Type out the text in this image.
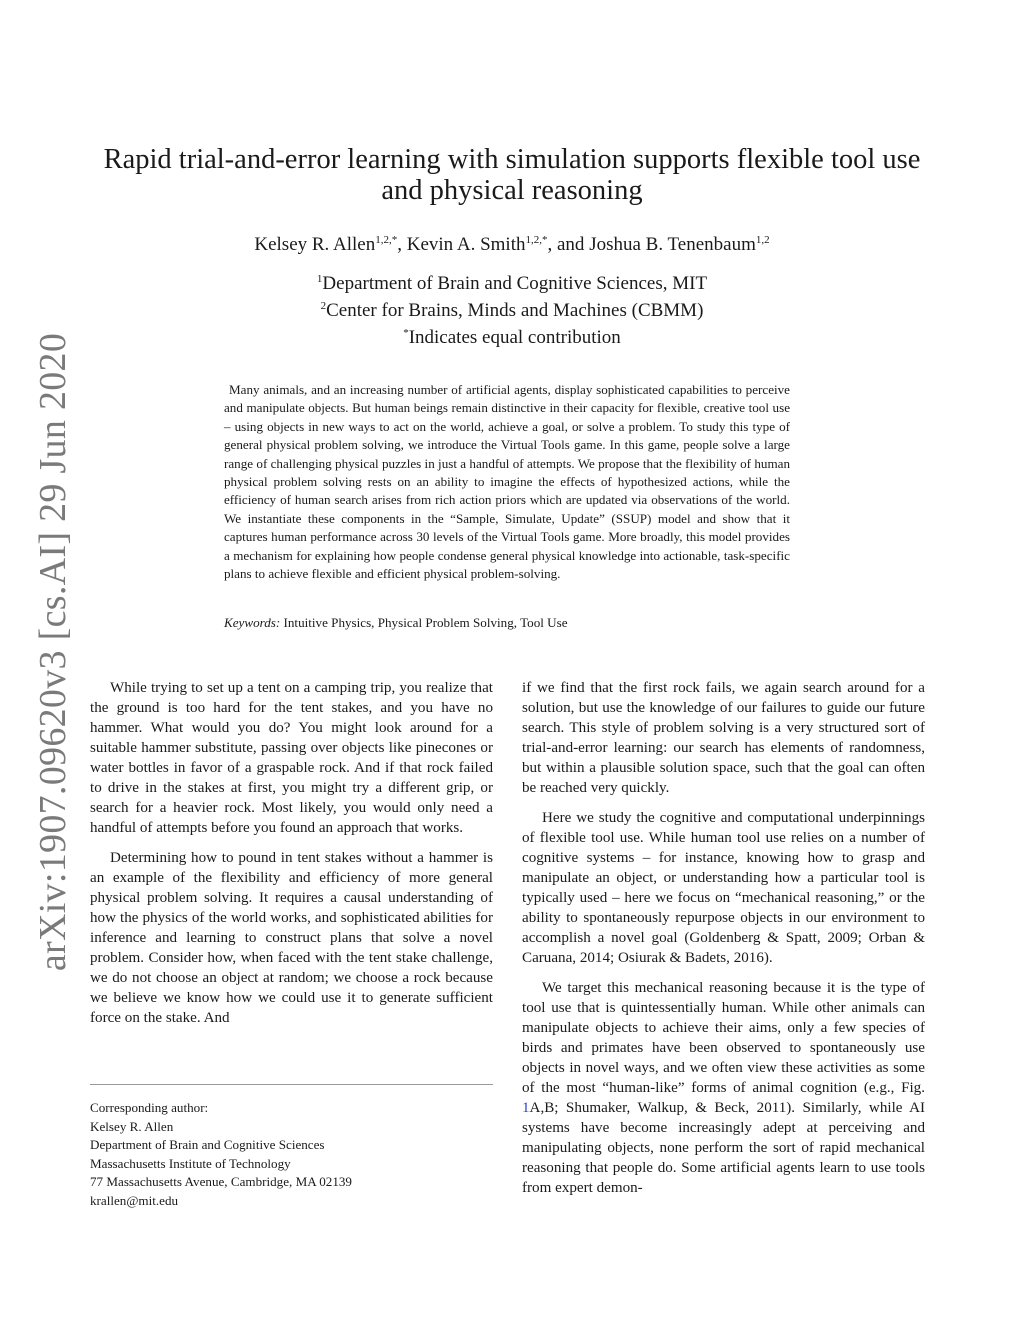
arXiv:1907.09620v3 [cs.AI] 29 Jun 2020
Rapid trial-and-error learning with simulation supports flexible tool use
and physical reasoning
Kelsey R. Allen$^{1,2,*}$, Kevin A. Smith$^{1,2,*}$, and Joshua B. Tenenbaum$^{1,2}$
$^1$Department of Brain and Cognitive Sciences, MIT
$^2$Center for Brains, Minds and Machines (CBMM)
*Indicates equal contribution

Many animals, and an increasing number of artificial agents, display sophisticated capabilities to perceive and manipulate objects. But human beings remain distinctive in their capacity for flexible, creative tool use – using objects in new ways to act on the world, achieve a goal, or solve a problem. To study this type of general physical problem solving, we introduce the Virtual Tools game. In this game, people solve a large range of challenging physical puzzles in just a handful of attempts. We propose that the flexibility of human physical problem solving rests on an ability to imagine the effects of hypothesized actions, while the efficiency of human search arises from rich action priors which are updated via observations of the world. We instantiate these components in the “Sample, Simulate, Update” (SSUP) model and show that it captures human performance across 30 levels of the Virtual Tools game. More broadly, this model provides a mechanism for explaining how people condense general physical knowledge into actionable, task-specific plans to achieve flexible and efficient physical problem-solving.

Keywords: Intuitive Physics, Physical Problem Solving, Tool Use

While trying to set up a tent on a camping trip, you realize that the ground is too hard for the tent stakes, and you have no hammer. What would you do? You might look around for a suitable hammer substitute, passing over objects like pinecones or water bottles in favor of a graspable rock. And if that rock failed to drive in the stakes at first, you might try a different grip, or search for a heavier rock. Most likely, you would only need a handful of attempts before you found an approach that works.

Determining how to pound in tent stakes without a hammer is an example of the flexibility and efficiency of more general physical problem solving. It requires a causal understanding of how the physics of the world works, and sophisticated abilities for inference and learning to construct plans that solve a novel problem. Consider how, when faced with the tent stake challenge, we do not choose an object at random; we choose a rock because we believe we know how we could use it to generate sufficient force on the stake. And

if we find that the first rock fails, we again search around for a solution, but use the knowledge of our failures to guide our future search. This style of problem solving is a very structured sort of trial-and-error learning: our search has elements of randomness, but within a plausible solution space, such that the goal can often be reached very quickly.

Here we study the cognitive and computational underpinnings of flexible tool use. While human tool use relies on a number of cognitive systems – for instance, knowing how to grasp and manipulate an object, or understanding how a particular tool is typically used – here we focus on “mechanical reasoning,” or the ability to spontaneously repurpose objects in our environment to accomplish a novel goal (Goldenberg & Spatt, 2009; Orban & Caruana, 2014; Osiurak & Badets, 2016).

We target this mechanical reasoning because it is the type of tool use that is quintessentially human. While other animals can manipulate objects to achieve their aims, only a few species of birds and primates have been observed to spontaneously use objects in novel ways, and we often view these activities as some of the most “human-like” forms of animal cognition (e.g., Fig. 1A,B; Shumaker, Walkup, & Beck, 2011). Similarly, while AI systems have become increasingly adept at perceiving and manipulating objects, none perform the sort of rapid mechanical reasoning that people do. Some artificial agents learn to use tools from expert demon-

Corresponding author:
Kelsey R. Allen
Department of Brain and Cognitive Sciences
Massachusetts Institute of Technology
77 Massachusetts Avenue, Cambridge, MA 02139
krallen@mit.edu
